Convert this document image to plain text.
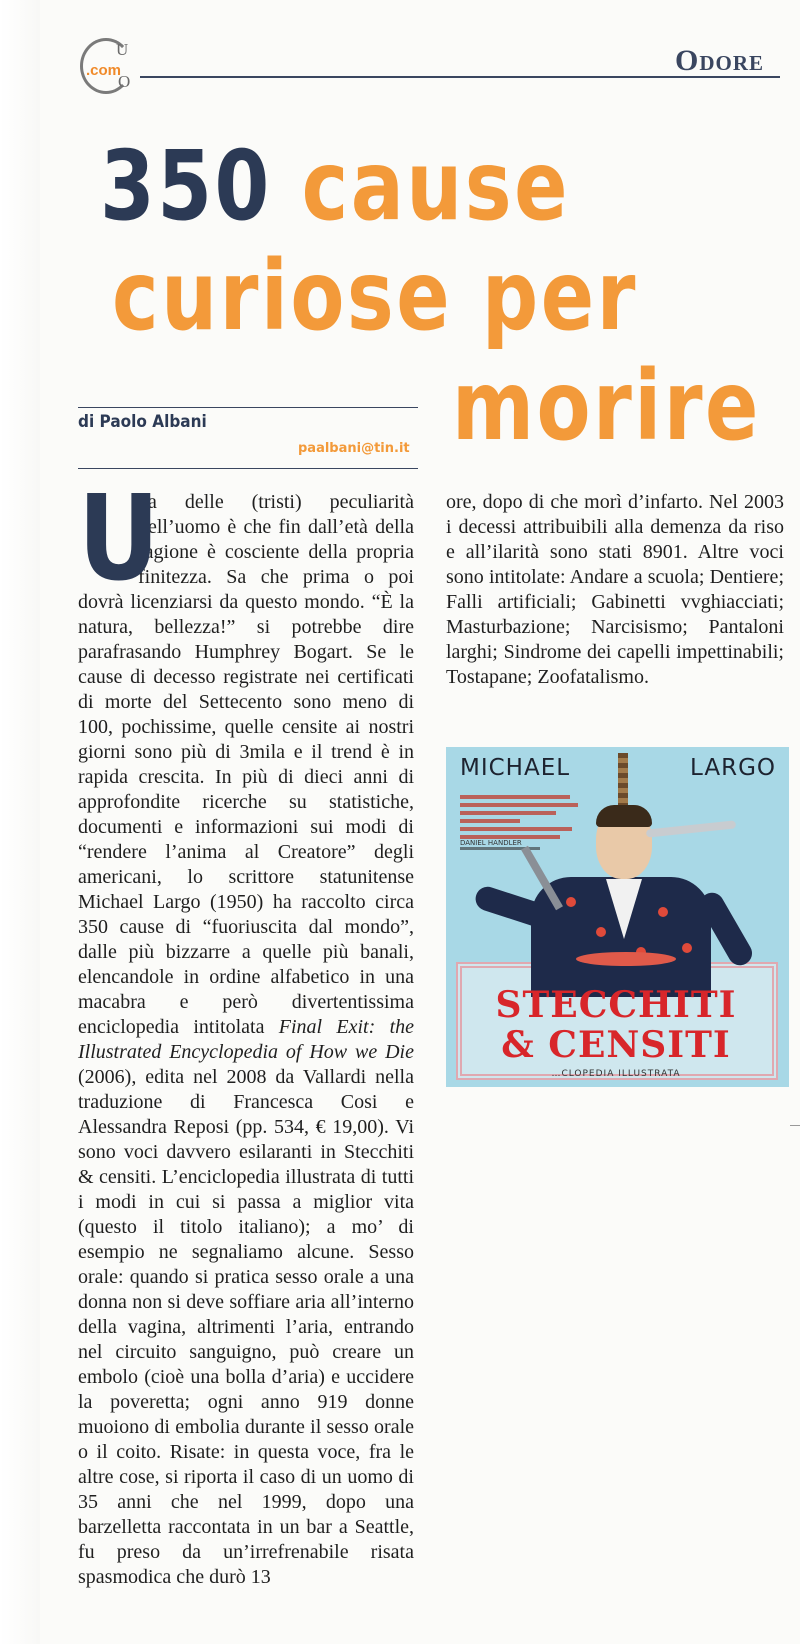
.com
U
O
Odore
350 cause
curiose per
morire
di Paolo Albani
paalbani@tin.it

U
na delle (tristi) peculiarità dell’uomo è che fin dall’età della ragione è cosciente della propria finitezza. Sa che prima o poi dovrà licenziarsi da questo mondo. “È la natura, bellezza!” si potrebbe dire parafrasando Humphrey Bogart. Se le cause di decesso registrate nei certificati di morte del Settecento sono meno di 100, pochissime, quelle censite ai nostri giorni sono più di 3mila e il trend è in rapida crescita. In più di dieci anni di approfondite ricerche su statistiche, documenti e informazioni sui modi di “rendere l’anima al Creatore” degli americani, lo scrittore statunitense Michael Largo (1950) ha raccolto circa 350 cause di “fuoriuscita dal mondo”, dalle più bizzarre a quelle più banali, elencandole in ordine alfabetico in una macabra e però divertentissima enciclopedia intitolata Final Exit: the Illustrated Encyclopedia of How we Die (2006), edita nel 2008 da Vallardi nella traduzione di Francesca Cosi e Alessandra Reposi (pp. 534, € 19,00). Vi sono voci davvero esilaranti in Stecchiti & censiti. L’enciclopedia illustrata di tutti i modi in cui si passa a miglior vita (questo il titolo italiano); a mo’ di esempio ne segnaliamo alcune. Sesso orale: quando si pratica sesso orale a una donna non si deve soffiare aria all’interno della vagina, altrimenti l’aria, entrando nel circuito sanguigno, può creare un embolo (cioè una bolla d’aria) e uccidere la poveretta; ogni anno 919 donne muoiono di embolia durante il sesso orale o il coito. Risate: in questa voce, fra le altre cose, si riporta il caso di un uomo di 35 anni che nel 1999, dopo una barzelletta raccontata in un bar a Seattle, fu preso da un’irrefrenabile risata spasmodica che durò 13

ore, dopo di che morì d’infarto. Nel 2003 i decessi attribuibili alla demenza da riso e all’ilarità sono stati 8901. Altre voci sono intitolate: Andare a scuola; Dentiere; Falli artificiali; Gabinetti vvghiacciati; Masturbazione; Narcisismo; Pantaloni larghi; Sindrome dei capelli impettinabili; Tostapane; Zoofatalismo.

MICHAEL	LARGO
STECCHITI
& CENSITI
…CLOPEDIA ILLUSTRATA
DANIEL HANDLER
